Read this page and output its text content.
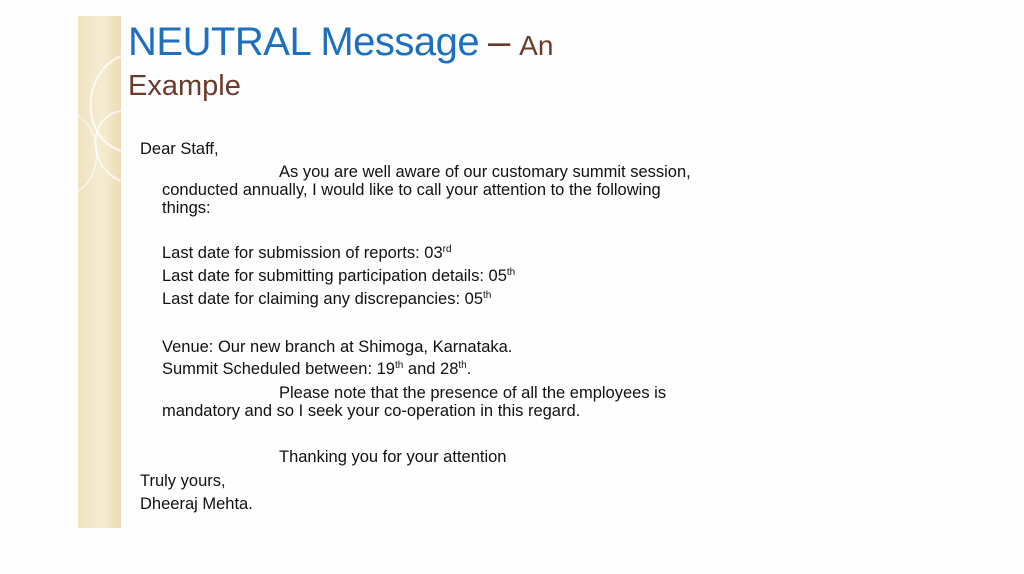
NEUTRAL Message – An
Example
Dear Staff,
As you are well aware of our customary summit session,
conducted annually, I would like to call your attention to the following
things:
Last date for submission of reports: 03rd
Last date for submitting participation details: 05th
Last date for claiming any discrepancies: 05th
Venue: Our new branch at Shimoga, Karnataka.
Summit Scheduled between: 19th and 28th.
Please note that the presence of all the employees is
mandatory and so I seek your co-operation in this regard.
Thanking you for your attention
Truly yours,
Dheeraj Mehta.
